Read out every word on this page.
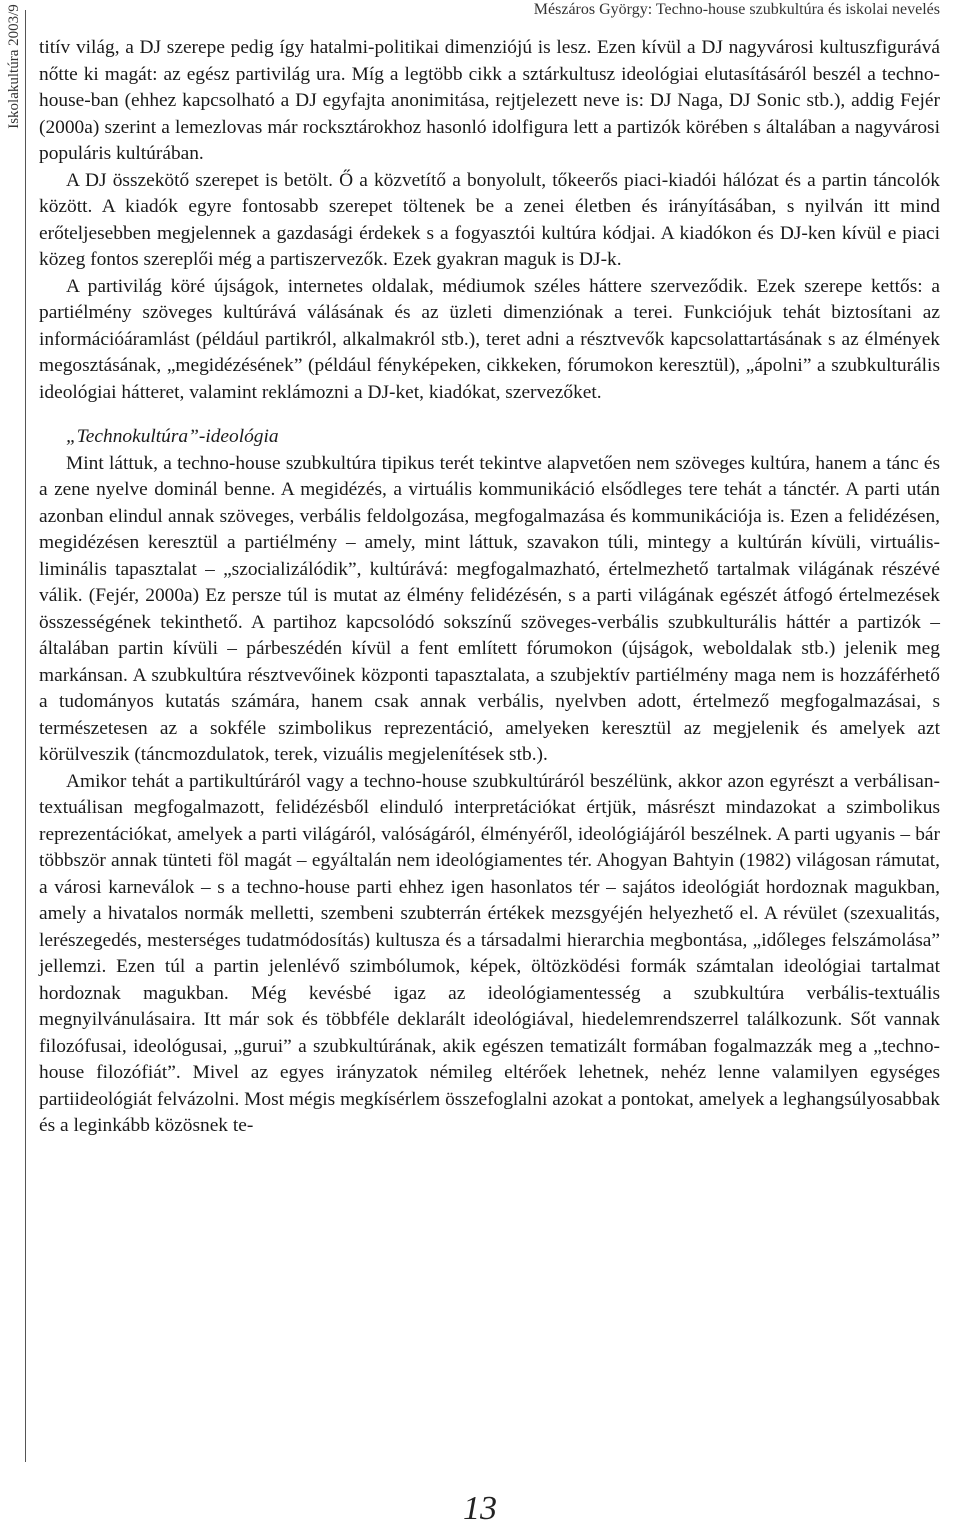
Mészáros György: Techno-house szubkultúra és iskolai nevelés
Iskolakultúra 2003/9 titív világ, a DJ szerepe pedig így hatalmi-politikai dimenziójú is lesz. Ezen kívül a DJ nagyvárosi kultuszfigurává nőtte ki magát: az egész partivilág ura. Míg a legtöbb cikk a sztárkultusz ideológiai elutasításáról beszél a techno-house-ban (ehhez kapcsolható a DJ egyfajta anonimitása, rejtjelezett neve is: DJ Naga, DJ Sonic stb.), addig Fejér (2000a) szerint a lemezlovas már rocksztárokhoz hasonló idolfigura lett a partizók körében s általában a nagyvárosi populáris kultúrában.

A DJ összekötő szerepet is betölt. Ő a közvetítő a bonyolult, tőkeerős piaci-kiadói hálózat és a partin táncolók között. A kiadók egyre fontosabb szerepet töltenek be a zenei életben és irányításában, s nyilván itt mind erőteljesebben megjelennek a gazdasági érdekek s a fogyasztói kultúra kódjai. A kiadókon és DJ-ken kívül e piaci közeg fontos szereplői még a partiszervezők. Ezek gyakran maguk is DJ-k.

A partivilág köré újságok, internetes oldalak, médiumok széles háttere szerveződik. Ezek szerepe kettős: a partiélmény szöveges kultúrává válásának és az üzleti dimenziónak a terei. Funkciójuk tehát biztosítani az információáramlást (például partikról, alkalmakról stb.), teret adni a résztvevők kapcsolattartásának s az élmények megosztásának, „megidézésének” (például fényképeken, cikkeken, fórumokon keresztül), „ápolni” a szubkulturális ideológiai hátteret, valamint reklámozni a DJ-ket, kiadókat, szervezőket.

„Technokultúra”-ideológia

Mint láttuk, a techno-house szubkultúra tipikus terét tekintve alapvetően nem szöveges kultúra, hanem a tánc és a zene nyelve dominál benne. A megidézés, a virtuális kommunikáció elsődleges tere tehát a tánctér. A parti után azonban elindul annak szöveges, verbális feldolgozása, megfogalmazása és kommunikációja is. Ezen a felidézésen, megidézésen keresztül a partiélmény – amely, mint láttuk, szavakon túli, mintegy a kultúrán kívüli, virtuális-liminális tapasztalat – „szocializálódik”, kultúrává: megfogalmazható, értelmezhető tartalmak világának részévé válik. (Fejér, 2000a) Ez persze túl is mutat az élmény felidézésén, s a parti világának egészét átfogó értelmezések összességének tekinthető. A partihoz kapcsolódó sokszínű szöveges-verbális szubkulturális háttér a partizók – általában partin kívüli – párbeszédén kívül a fent említett fórumokon (újságok, weboldalak stb.) jelenik meg markánsan. A szubkultúra résztvevőinek központi tapasztalata, a szubjektív partiélmény maga nem is hozzáférhető a tudományos kutatás számára, hanem csak annak verbális, nyelvben adott, értelmező megfogalmazásai, s természetesen az a sokféle szimbolikus reprezentáció, amelyeken keresztül az megjelenik és amelyek azt körülveszik (táncmozdulatok, terek, vizuális megjelenítések stb.).

Amikor tehát a partikultúráról vagy a techno-house szubkultúráról beszélünk, akkor azon egyrészt a verbálisan-textuálisan megfogalmazott, felidézésből elinduló interpretációkat értjük, másrészt mindazokat a szimbolikus reprezentációkat, amelyek a parti világáról, valóságáról, élményéről, ideológiájáról beszélnek. A parti ugyanis – bár többször annak tünteti föl magát – egyáltalán nem ideológiamentes tér. Ahogyan Bahtyin (1982) világosan rámutat, a városi karneválok – s a techno-house parti ehhez igen hasonlatos tér – sajátos ideológiát hordoznak magukban, amely a hivatalos normák melletti, szembeni szubterrán értékek mezsgyéjén helyezhető el. A révület (szexualitás, lerészegedés, mesterséges tudatmódosítás) kultusza és a társadalmi hierarchia megbontása, „időleges felszámolása” jellemzi. Ezen túl a partin jelenlévő szimbólumok, képek, öltözködési formák számtalan ideológiai tartalmat hordoznak magukban. Még kevésbé igaz az ideológiamentesség a szubkultúra verbális-textuális megnyilvánulásaira. Itt már sok és többféle deklarált ideológiával, hiedelemrendszerrel találkozunk. Sőt vannak filozófusai, ideológusai, „gurui” a szubkultúrának, akik egészen tematizált formában fogalmazzák meg a „techno-house filozófiát”. Mivel az egyes irányzatok némileg eltérőek lehetnek, nehéz lenne valamilyen egységes partiideológiát felvázolni. Most mégis megkísérlem összefoglalni azokat a pontokat, amelyek a leghangsúlyosabbak és a leginkább közösnek te-

13
